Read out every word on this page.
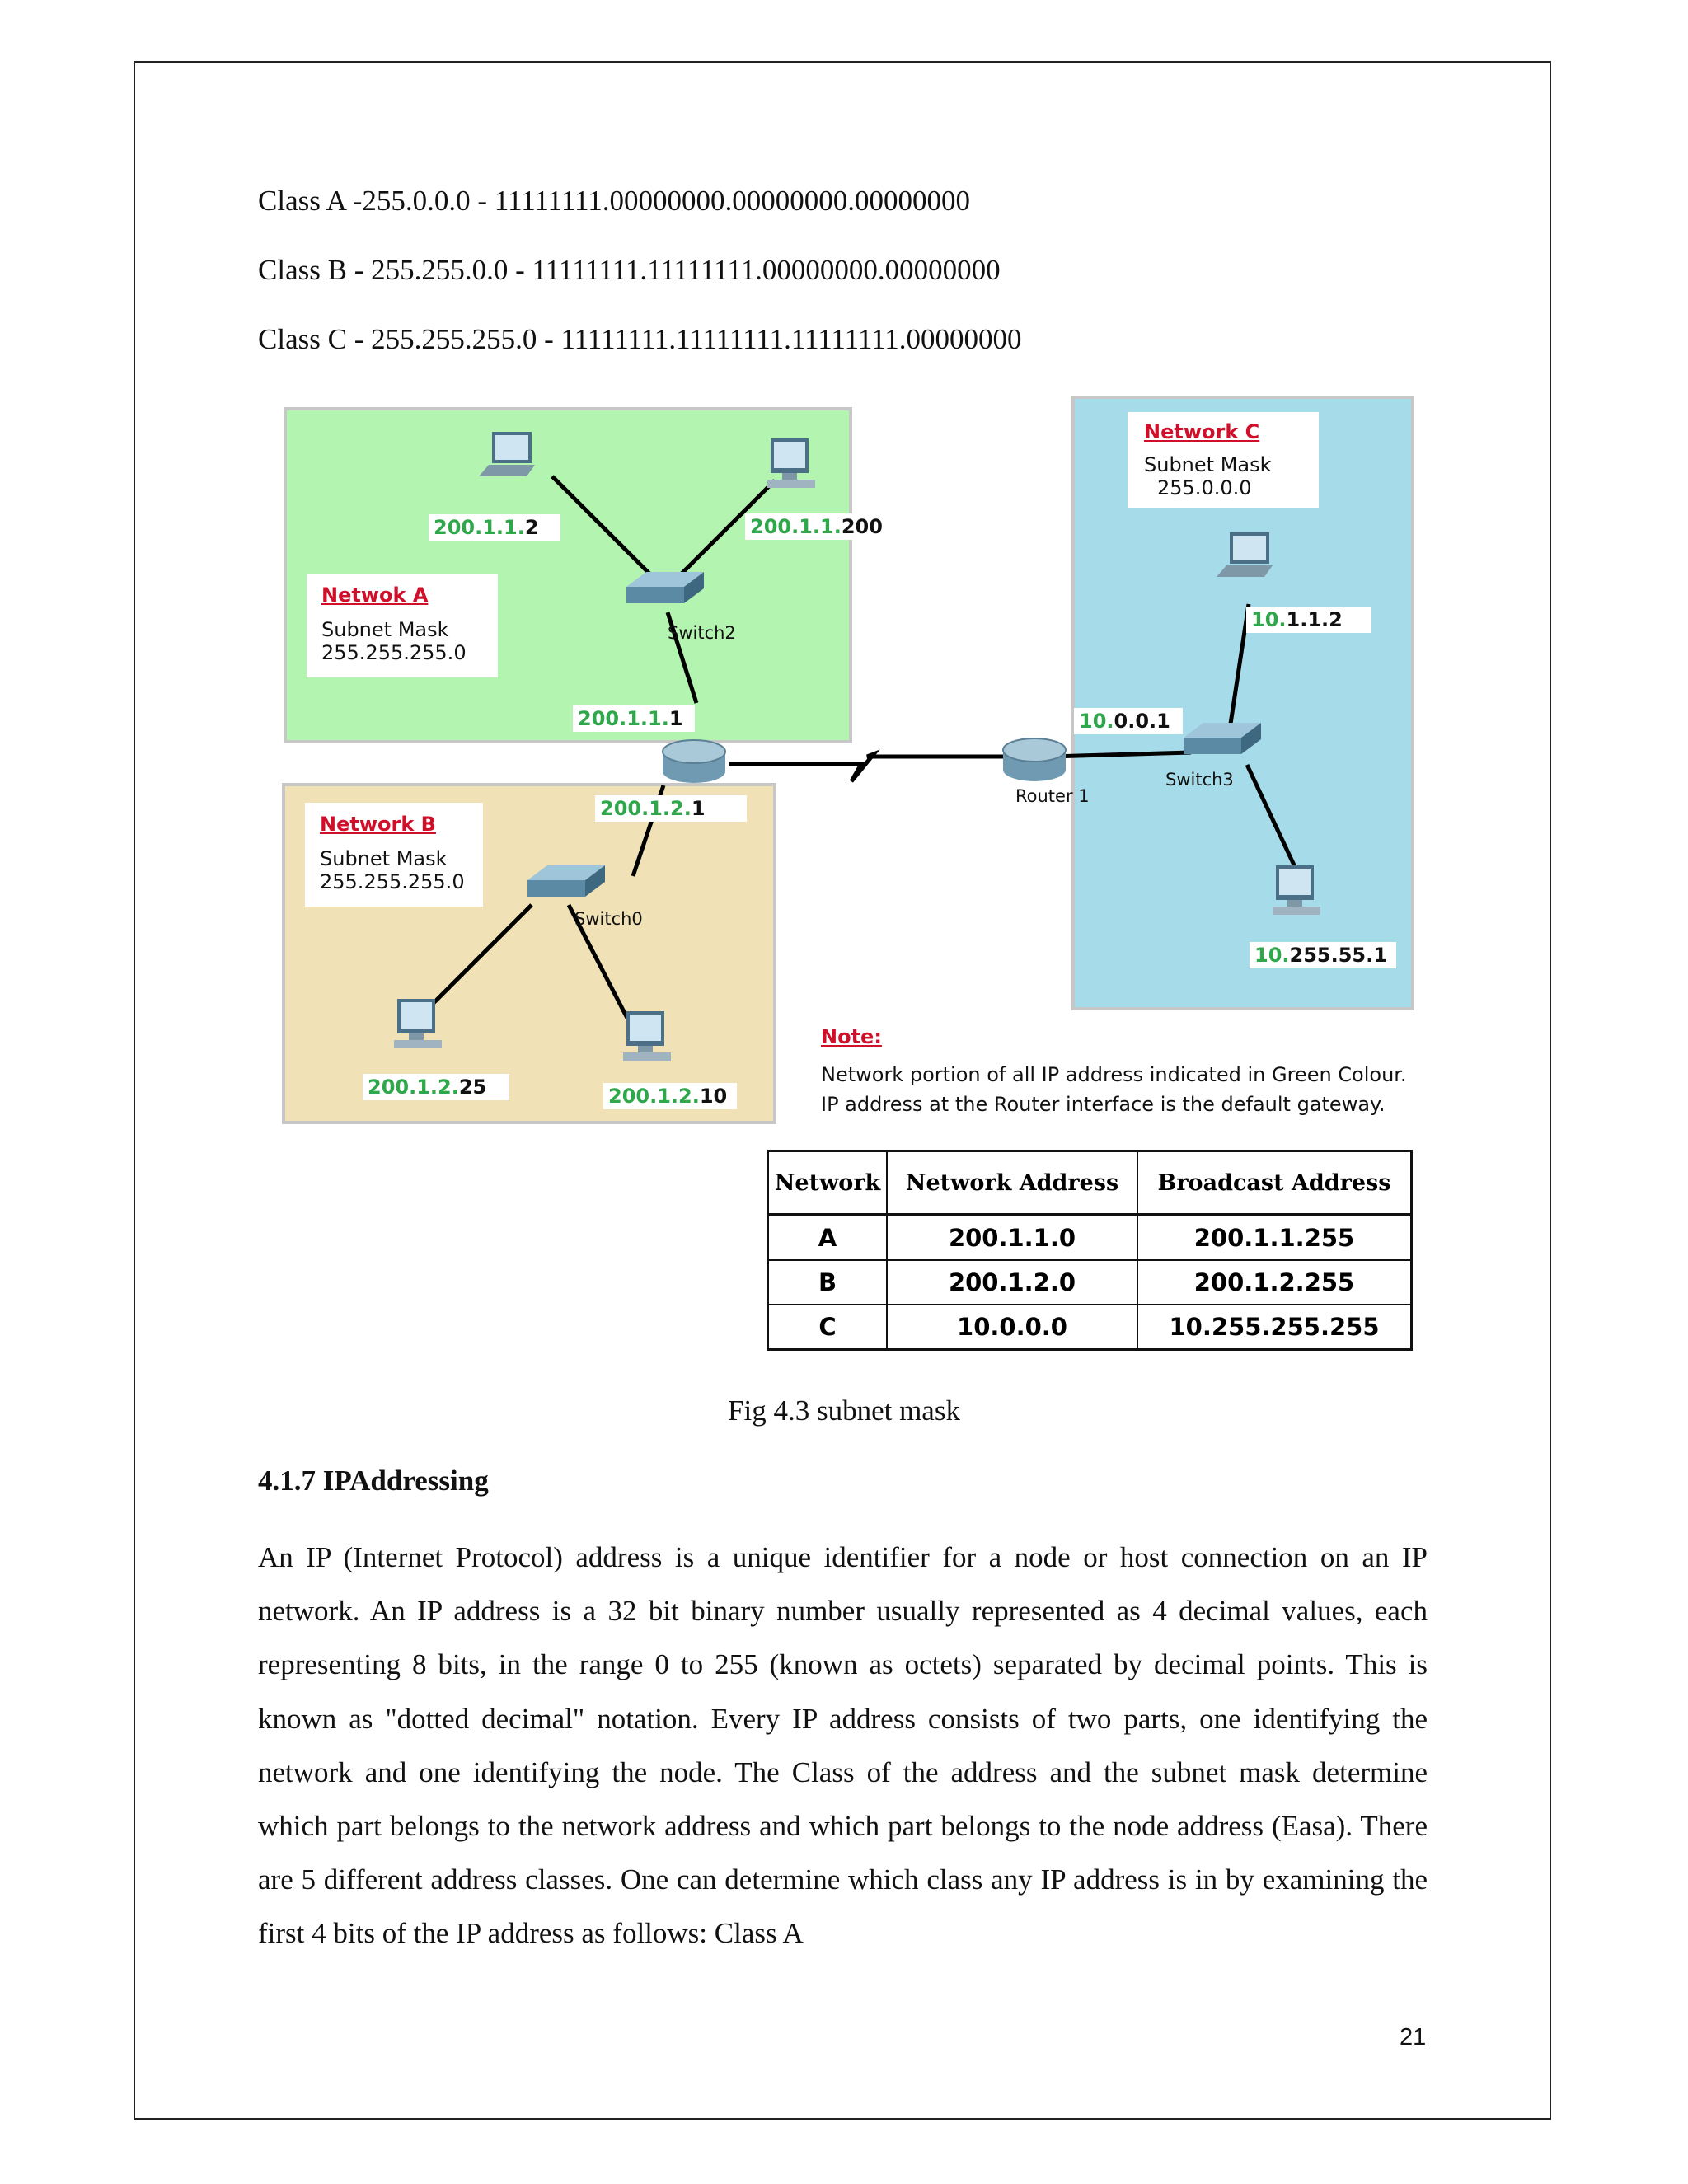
Class A -255.0.0.0 - 11111111.00000000.00000000.00000000
Class B - 255.255.0.0 - 11111111.11111111.00000000.00000000
Class C - 255.255.255.0 - 11111111.11111111.11111111.00000000
Netwok A
Subnet Mask
255.255.255.0
Network B
Subnet Mask
255.255.255.0
Network C
Subnet Mask
255.0.0.0
200.1.1.2	200.1.1.200
200.1.1.1
200.1.2.1
200.1.2.25	200.1.2.10
10.0.0.1
10.1.1.2
10.255.55.1
Switch2
Switch0
Switch3
Router 1
Note:
Network portion of all IP address indicated in Green Colour.
IP address at the Router interface is the default gateway.
Network	Network Address	Broadcast Address
A	200.1.1.0	200.1.1.255
B	200.1.2.0	200.1.2.255
C	10.0.0.0	10.255.255.255
Fig 4.3 subnet mask
4.1.7 IPAddressing
An IP (Internet Protocol) address is a unique identifier for a node or host connection on an IP network. An IP address is a 32 bit binary number usually represented as 4 decimal values, each representing 8 bits, in the range 0 to 255 (known as octets) separated by decimal points. This is known as "dotted decimal" notation. Every IP address consists of two parts, one identifying the network and one identifying the node. The Class of the address and the subnet mask determine which part belongs to the network address and which part belongs to the node address (Easa). There are 5 different address classes. One can determine which class any IP address is in by examining the first 4 bits of the IP address as follows: Class A
21
